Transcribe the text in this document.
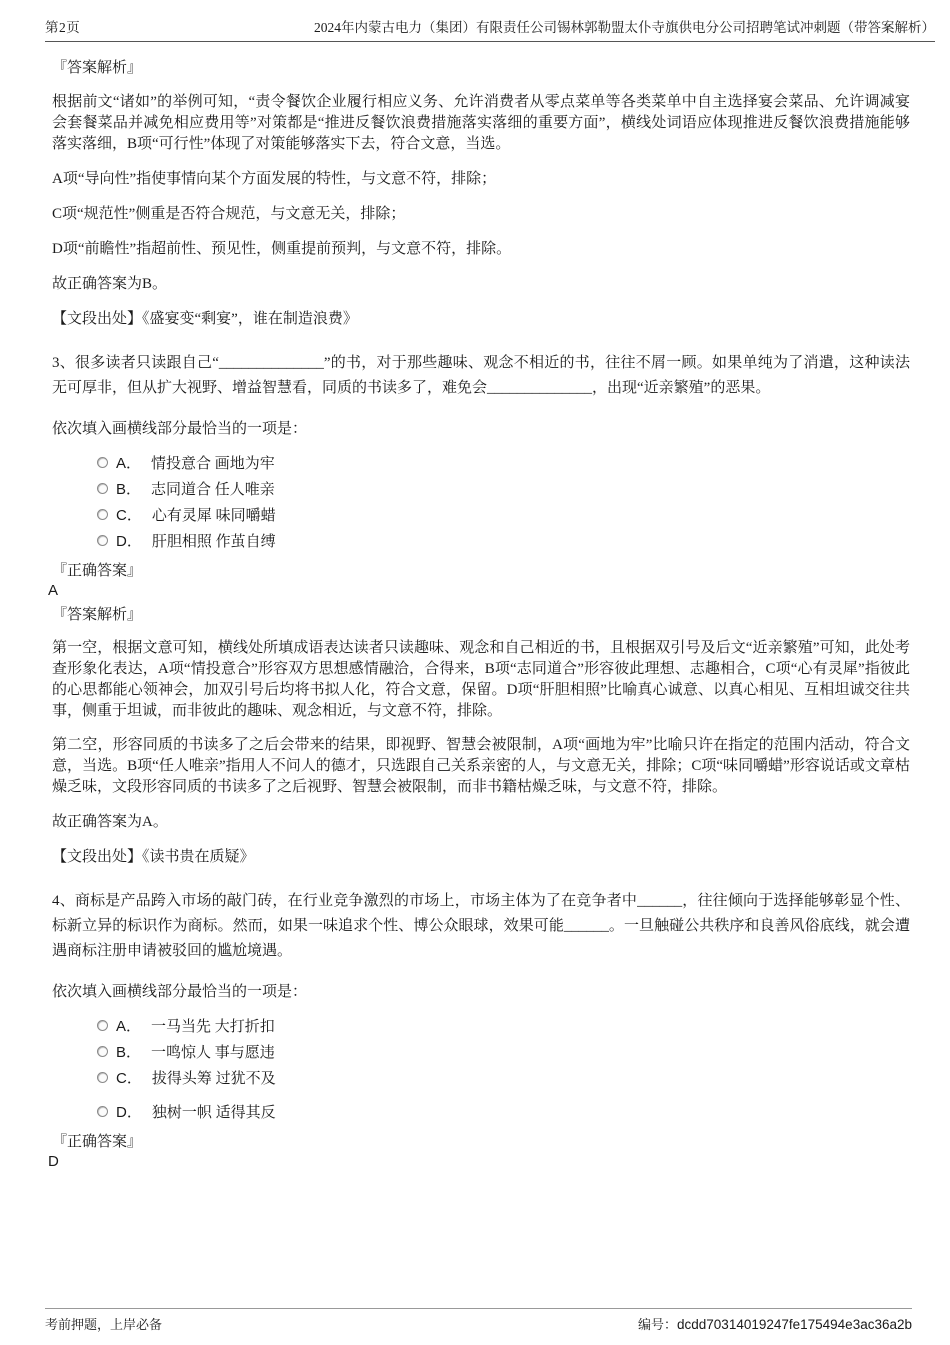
第2页	2024年内蒙古电力（集团）有限责任公司锡林郭勒盟太仆寺旗供电分公司招聘笔试冲刺题（带答案解析）
『答案解析』
根据前文“诸如”的举例可知，“责令餐饮企业履行相应义务、允许消费者从零点菜单等各类菜单中自主选择宴会菜品、允许调减宴会套餐菜品并减免相应费用等”对策都是“推进反餐饮浪费措施落实落细的重要方面”，横线处词语应体现推进反餐饮浪费措施能够落实落细，B项“可行性”体现了对策能够落实下去，符合文意，当选。
A项“导向性”指使事情向某个方面发展的特性，与文意不符，排除；
C项“规范性”侧重是否符合规范，与文意无关，排除；
D项“前瞻性”指超前性、预见性，侧重提前预判，与文意不符，排除。
故正确答案为B。
【文段出处】《盛宴变“剩宴”，谁在制造浪费》
3、很多读者只读跟自己“______________”的书，对于那些趣味、观念不相近的书，往往不屑一顾。如果单纯为了消遣，这种读法无可厚非，但从扩大视野、增益智慧看，同质的书读多了，难免会______________，出现“近亲繁殖”的恶果。
依次填入画横线部分最恰当的一项是：
A． 情投意合 画地为牢
B． 志同道合 任人唯亲
C． 心有灵犀 味同嚼蜡
D． 肝胆相照 作茧自缚
『正确答案』
A
『答案解析』
第一空，根据文意可知，横线处所填成语表达读者只读趣味、观念和自己相近的书，且根据双引号及后文“近亲繁殖”可知，此处考查形象化表达，A项“情投意合”形容双方思想感情融洽，合得来，B项“志同道合”形容彼此理想、志趣相合，C项“心有灵犀”指彼此的心思都能心领神会，加双引号后均将书拟人化，符合文意，保留。D项“肝胆相照”比喻真心诚意、以真心相见、互相坦诚交往共事，侧重于坦诚，而非彼此的趣味、观念相近，与文意不符，排除。
第二空，形容同质的书读多了之后会带来的结果，即视野、智慧会被限制，A项“画地为牢”比喻只许在指定的范围内活动，符合文意，当选。B项“任人唯亲”指用人不问人的德才，只选跟自己关系亲密的人，与文意无关，排除；C项“味同嚼蜡”形容说话或文章枯燥乏味，文段形容同质的书读多了之后视野、智慧会被限制，而非书籍枯燥乏味，与文意不符，排除。
故正确答案为A。
【文段出处】《读书贵在质疑》
4、商标是产品跨入市场的敲门砖，在行业竞争激烈的市场上，市场主体为了在竞争者中______，往往倾向于选择能够彰显个性、标新立异的标识作为商标。然而，如果一味追求个性、博公众眼球，效果可能______。一旦触碰公共秩序和良善风俗底线，就会遭遇商标注册申请被驳回的尴尬境遇。
依次填入画横线部分最恰当的一项是：
A． 一马当先 大打折扣
B． 一鸣惊人 事与愿违
C． 拔得头筹 过犹不及
D． 独树一帜 适得其反
『正确答案』
D
考前押题，上岸必备	编号：dcdd70314019247fe175494e3ac36a2b
